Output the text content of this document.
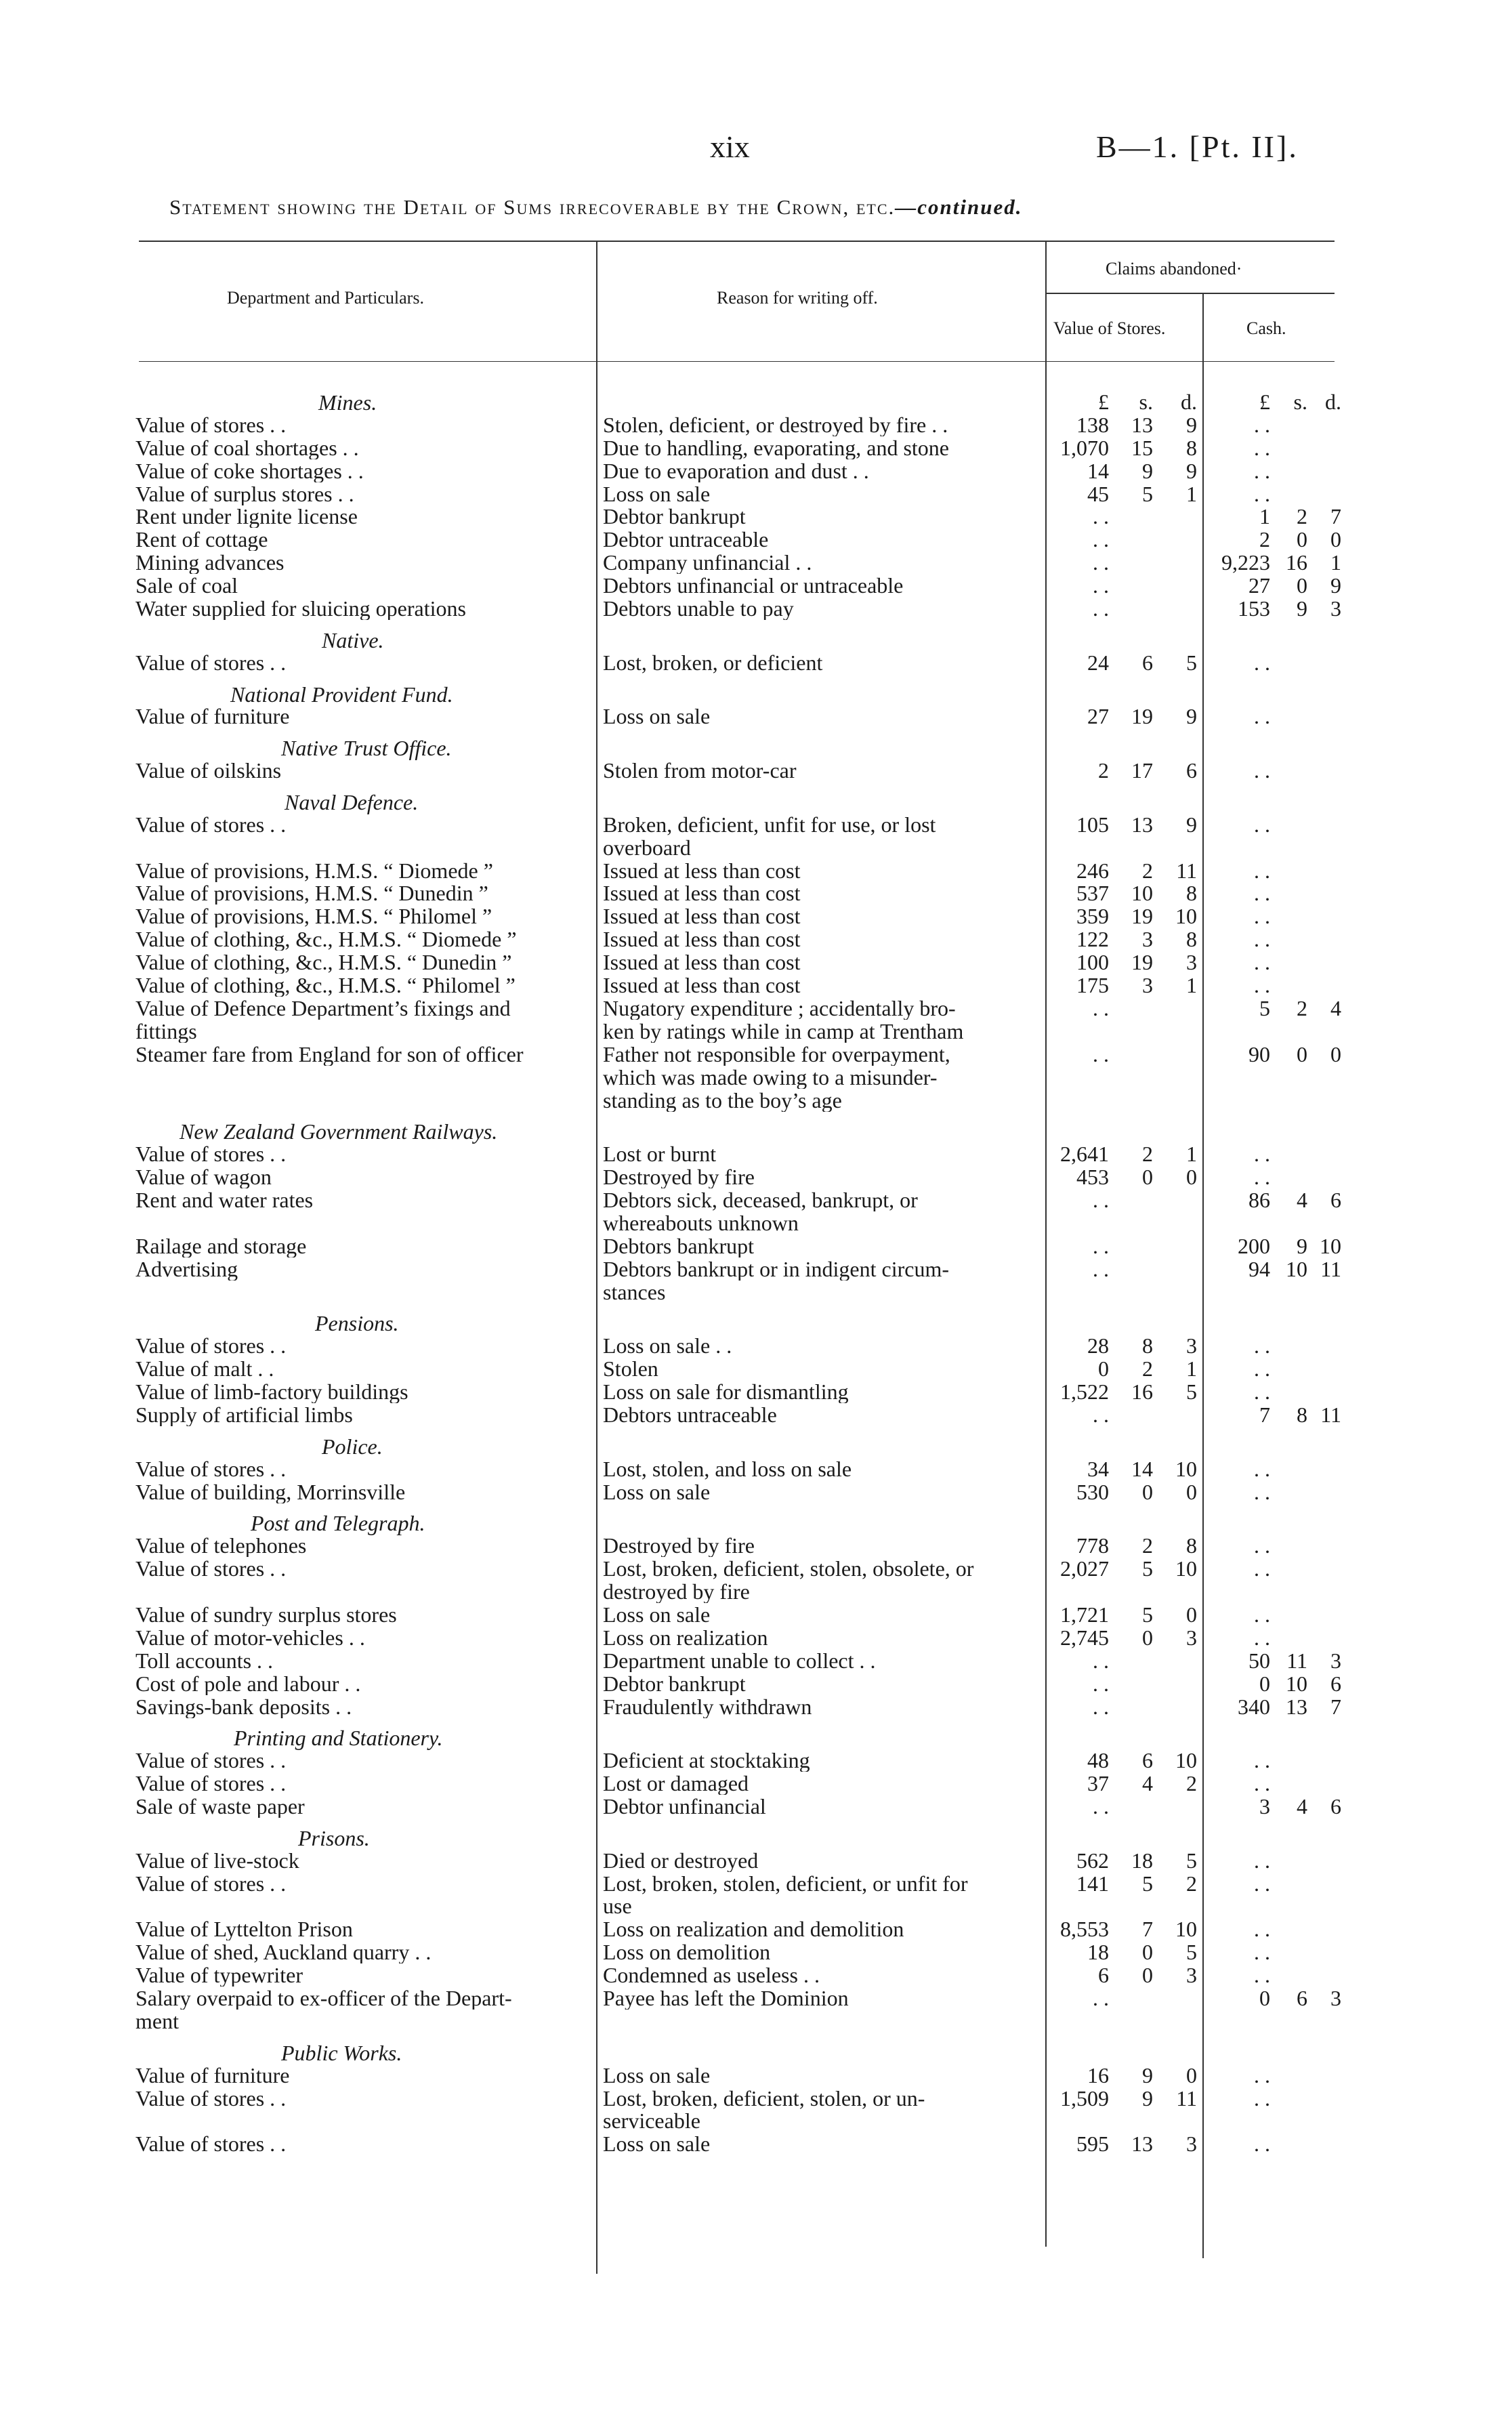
xix	B—1. [Pt. II].
Statement showing the Detail of Sums irrecoverable by the Crown, etc.—continued.
Department and Particulars.	Reason for writing off.
Claims abandoned·
Value of Stores.	Cash.
£	s.	d.	£	s. d.
Mines.
Value of stores . .	Stolen, deficient, or destroyed by fire . .	138	13	9	. .
Value of coal shortages . .	Due to handling, evaporating, and stone	1,070	15	8	. .
Value of coke shortages . .	Due to evaporation and dust . .	14	9	9	. .
Value of surplus stores . .	Loss on sale	45	5	1	. .
Rent under lignite license	Debtor bankrupt	. .	1	2	7
Rent of cottage	Debtor untraceable	. .	2	0	0
Mining advances	Company unfinancial . .	. .	9,223 16	1
Sale of coal	Debtors unfinancial or untraceable	. .	27	0	9
Water supplied for sluicing operations	Debtors unable to pay	. .	153	9	3
Native.
Value of stores . .	Lost, broken, or deficient	24	6	5	. .
National Provident Fund.
Value of furniture	Loss on sale	27	19	9	. .
Native Trust Office.
Value of oilskins	Stolen from motor-car	2	17	6	. .
Naval Defence.
Value of stores . .	Broken, deficient, unfit for use, or lost	105	13	9	. .
overboard
Value of provisions, H.M.S. “ Diomede ”	Issued at less than cost	246	2	11	. .
Value of provisions, H.M.S. “ Dunedin ”	Issued at less than cost	537	10	8	. .
Value of provisions, H.M.S. “ Philomel ”	Issued at less than cost	359	19	10	. .
Value of clothing, &c., H.M.S. “ Diomede ”	Issued at less than cost	122	3	8	. .
Value of clothing, &c., H.M.S. “ Dunedin ”	Issued at less than cost	100	19	3	. .
Value of clothing, &c., H.M.S. “ Philomel ”	Issued at less than cost	175	3	1	. .
Value of Defence Department’s fixings and	Nugatory expenditure ; accidentally bro-	. .	5	2	4
fittings	ken by ratings while in camp at Trentham
Steamer fare from England for son of officer	Father not responsible for overpayment,	. .	90	0	0
which was made owing to a misunder-
standing as to the boy’s age
New Zealand Government Railways.
Value of stores . .	Lost or burnt	2,641	2	1	. .
Value of wagon	Destroyed by fire	453	0	0	. .
Rent and water rates	Debtors sick, deceased, bankrupt, or	. .	86	4	6
whereabouts unknown
Railage and storage	Debtors bankrupt	. .	200	9 10
Advertising	Debtors bankrupt or in indigent circum-	. .	94 10 11
stances
Pensions.
Value of stores . .	Loss on sale . .	28	8	3	. .
Value of malt . .	Stolen	0	2	1	. .
Value of limb-factory buildings	Loss on sale for dismantling	1,522	16	5	. .
Supply of artificial limbs	Debtors untraceable	. .	7	8 11
Police.
Value of stores . .	Lost, stolen, and loss on sale	34	14	10	. .
Value of building, Morrinsville	Loss on sale	530	0	0	. .
Post and Telegraph.
Value of telephones	Destroyed by fire	778	2	8	. .
Value of stores . .	Lost, broken, deficient, stolen, obsolete, or	2,027	5	10	. .
destroyed by fire
Value of sundry surplus stores	Loss on sale	1,721	5	0	. .
Value of motor-vehicles . .	Loss on realization	2,745	0	3	. .
Toll accounts . .	Department unable to collect . .	. .	50 11	3
Cost of pole and labour . .	Debtor bankrupt	. .	0 10	6
Savings-bank deposits . .	Fraudulently withdrawn	. .	340 13	7
Printing and Stationery.
Value of stores . .	Deficient at stocktaking	48	6	10	. .
Value of stores . .	Lost or damaged	37	4	2	. .
Sale of waste paper	Debtor unfinancial	. .	3	4	6
Prisons.
Value of live-stock	Died or destroyed	562	18	5	. .
Value of stores . .	Lost, broken, stolen, deficient, or unfit for	141	5	2	. .
use
Value of Lyttelton Prison	Loss on realization and demolition	8,553	7	10	. .
Value of shed, Auckland quarry . .	Loss on demolition	18	0	5	. .
Value of typewriter	Condemned as useless . .	6	0	3	. .
Salary overpaid to ex-officer of the Depart-	Payee has left the Dominion	. .	0	6	3
ment
Public Works.
Value of furniture	Loss on sale	16	9	0	. .
Value of stores . .	Lost, broken, deficient, stolen, or un-	1,509	9	11	. .
serviceable
Value of stores . .	Loss on sale	595	13	3	. .
